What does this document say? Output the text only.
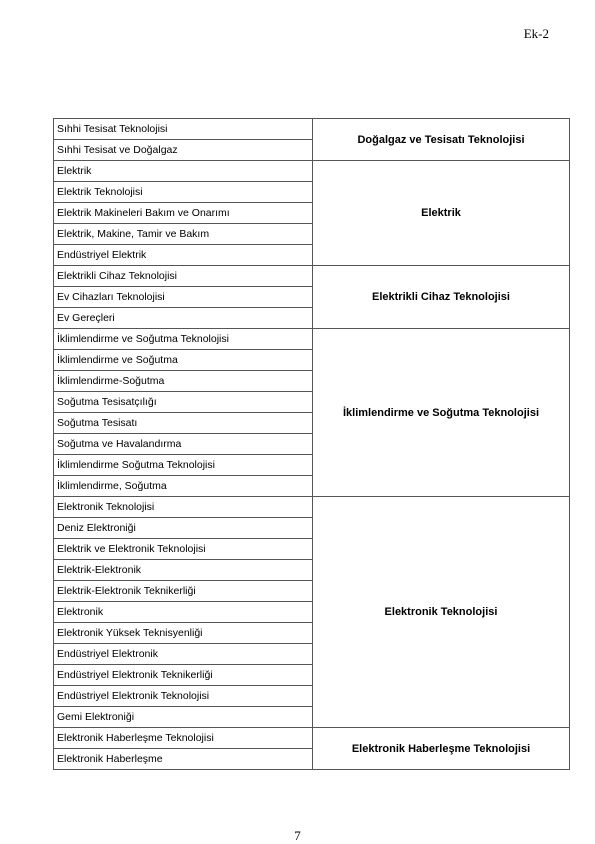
Ek-2
Sıhhi Tesisat Teknolojisi	Doğalgaz ve Tesisatı Teknolojisi
Sıhhi Tesisat ve Doğalgaz	
Elektrik	Elektrik
Elektrik Teknolojisi	
Elektrik Makineleri Bakım ve Onarımı	
Elektrik, Makine, Tamir ve Bakım	
Endüstriyel Elektrik	
Elektrikli Cihaz Teknolojisi	Elektrikli Cihaz Teknolojisi
Ev Cihazları Teknolojisi	
Ev Gereçleri	
İklimlendirme ve Soğutma Teknolojisi	İklimlendirme ve Soğutma Teknolojisi
İklimlendirme ve Soğutma	
İklimlendirme-Soğutma	
Soğutma Tesisatçılığı	
Soğutma Tesisatı	
Soğutma ve Havalandırma	
İklimlendirme Soğutma Teknolojisi	
İklimlendirme, Soğutma	
Elektronik Teknolojisi	Elektronik Teknolojisi
Deniz Elektroniği	
Elektrik ve Elektronik Teknolojisi	
Elektrik-Elektronik	
Elektrik-Elektronik Teknikerliği	
Elektronik	
Elektronik Yüksek Teknisyenliği	
Endüstriyel Elektronik	
Endüstriyel Elektronik Teknikerliği	
Endüstriyel Elektronik Teknolojisi	
Gemi Elektroniği	
Elektronik Haberleşme Teknolojisi	Elektronik Haberleşme Teknolojisi
Elektronik Haberleşme	
7
